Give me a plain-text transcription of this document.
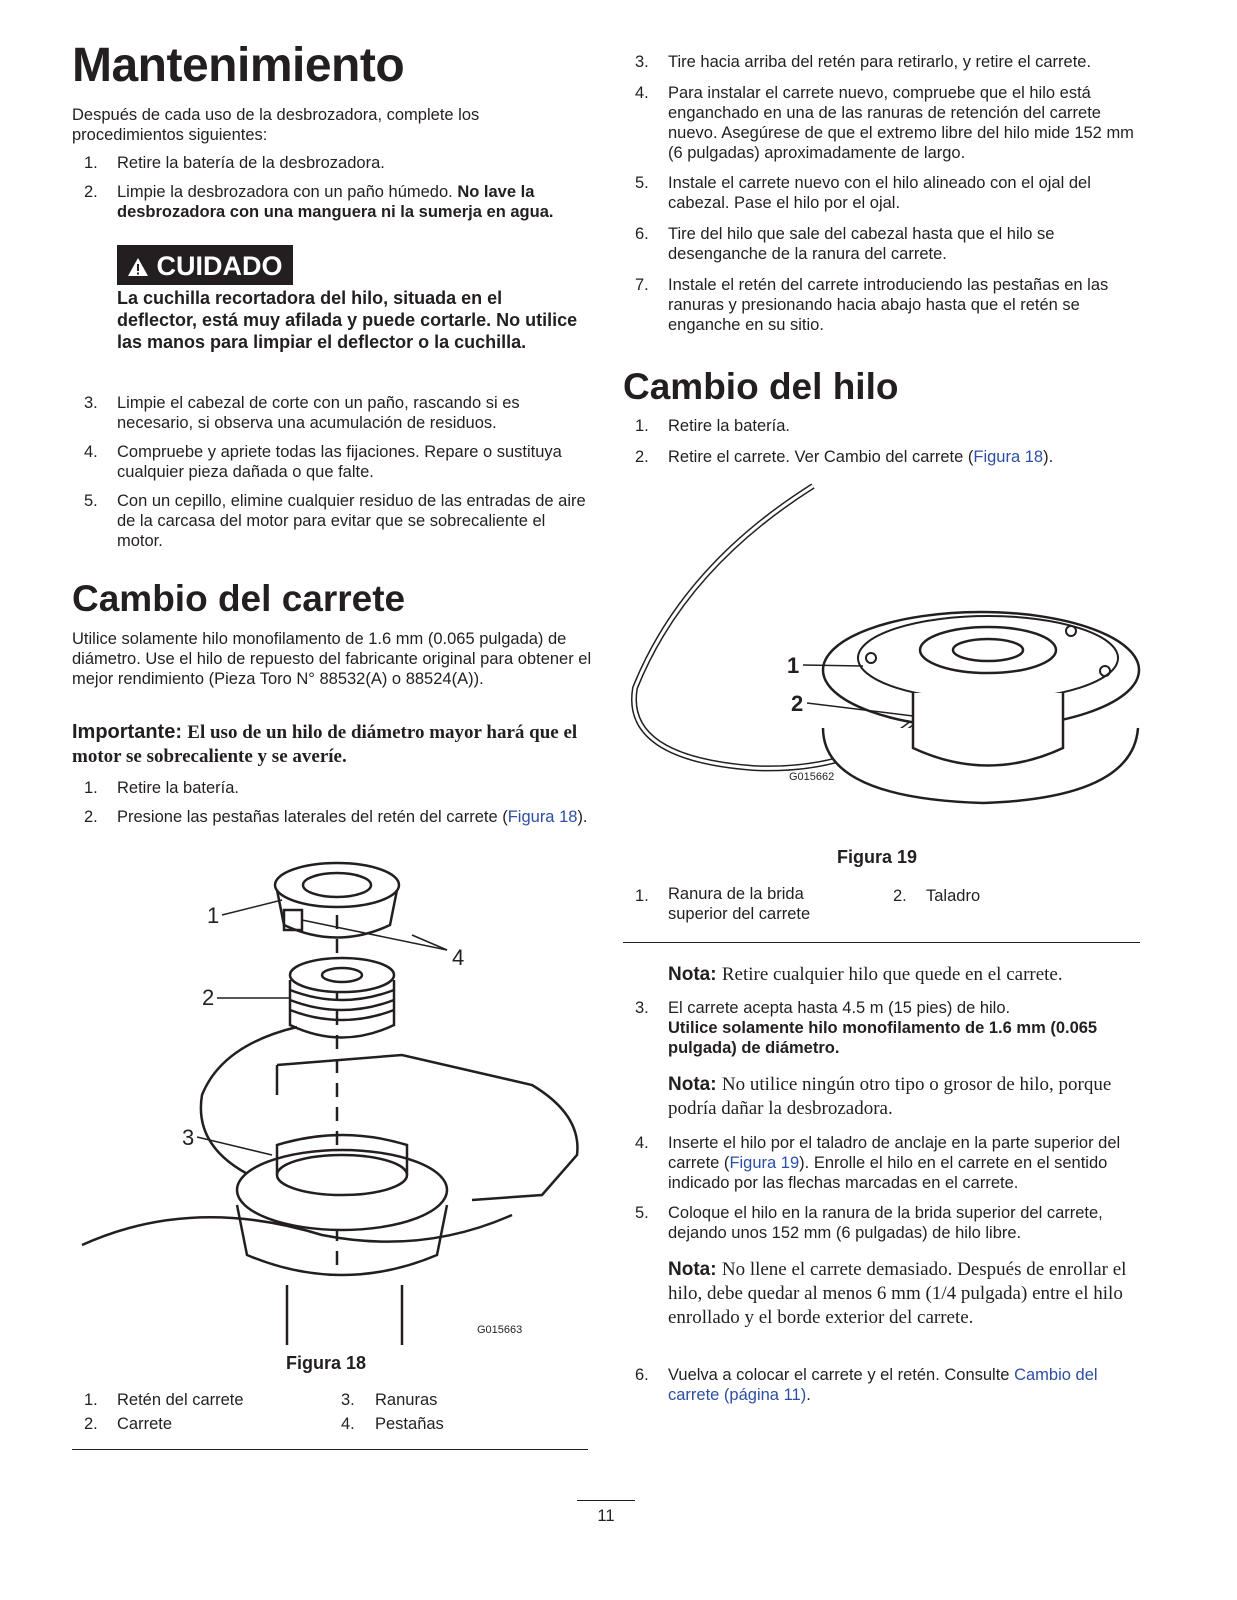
Mantenimiento

Después de cada uso de la desbrozadora, complete los procedimientos siguientes:

1.	Retire la batería de la desbrozadora.
2.	Limpie la desbrozadora con un paño húmedo. No lave la desbrozadora con una manguera ni la sumerja en agua.
CUIDADO
La cuchilla recortadora del hilo, situada en el deflector, está muy afilada y puede cortarle. No utilice las manos para limpiar el deflector o la cuchilla.
3.	Limpie el cabezal de corte con un paño, rascando si es necesario, si observa una acumulación de residuos.
4.	Compruebe y apriete todas las fijaciones. Repare o sustituya cualquier pieza dañada o que falte.
5.	Con un cepillo, elimine cualquier residuo de las entradas de aire de la carcasa del motor para evitar que se sobrecaliente el motor.
Cambio del carrete

Utilice solamente hilo monofilamento de 1.6 mm (0.065 pulgada) de diámetro. Use el hilo de repuesto del fabricante original para obtener el mejor rendimiento (Pieza Toro N° 88532(A) o 88524(A)).

Importante: El uso de un hilo de diámetro mayor hará que el motor se sobrecaliente y se averíe.
1.	Retire la batería.
2.	Presione las pestañas laterales del retén del carrete (Figura 18).
1
2
3
4
G015663
Figura 18
1. Retén del carrete
2. Carrete
3. Ranuras
4. Pestañas
3.	Tire hacia arriba del retén para retirarlo, y retire el carrete.
4.	Para instalar el carrete nuevo, compruebe que el hilo está enganchado en una de las ranuras de retención del carrete nuevo. Asegúrese de que el extremo libre del hilo mide 152 mm (6 pulgadas) aproximadamente de largo.
5.	Instale el carrete nuevo con el hilo alineado con el ojal del cabezal. Pase el hilo por el ojal.
6.	Tire del hilo que sale del cabezal hasta que el hilo se desenganche de la ranura del carrete.
7.	Instale el retén del carrete introduciendo las pestañas en las ranuras y presionando hacia abajo hasta que el retén se enganche en su sitio.
Cambio del hilo
1.	Retire la batería.
2.	Retire el carrete. Ver Cambio del carrete (Figura 18).
1
2
G015662
Figura 19
1. Ranura de la brida superior del carrete
2. Taladro
Nota: Retire cualquier hilo que quede en el carrete.
3.	El carrete acepta hasta 4.5 m (15 pies) de hilo.
Utilice solamente hilo monofilamento de 1.6 mm (0.065 pulgada) de diámetro.
Nota: No utilice ningún otro tipo o grosor de hilo, porque podría dañar la desbrozadora.
4.	Inserte el hilo por el taladro de anclaje en la parte superior del carrete (Figura 19). Enrolle el hilo en el carrete en el sentido indicado por las flechas marcadas en el carrete.
5.	Coloque el hilo en la ranura de la brida superior del carrete, dejando unos 152 mm (6 pulgadas) de hilo libre.
Nota: No llene el carrete demasiado. Después de enrollar el hilo, debe quedar al menos 6 mm (1/4 pulgada) entre el hilo enrollado y el borde exterior del carrete.
6.	Vuelva a colocar el carrete y el retén. Consulte Cambio del carrete (página 11).
11
